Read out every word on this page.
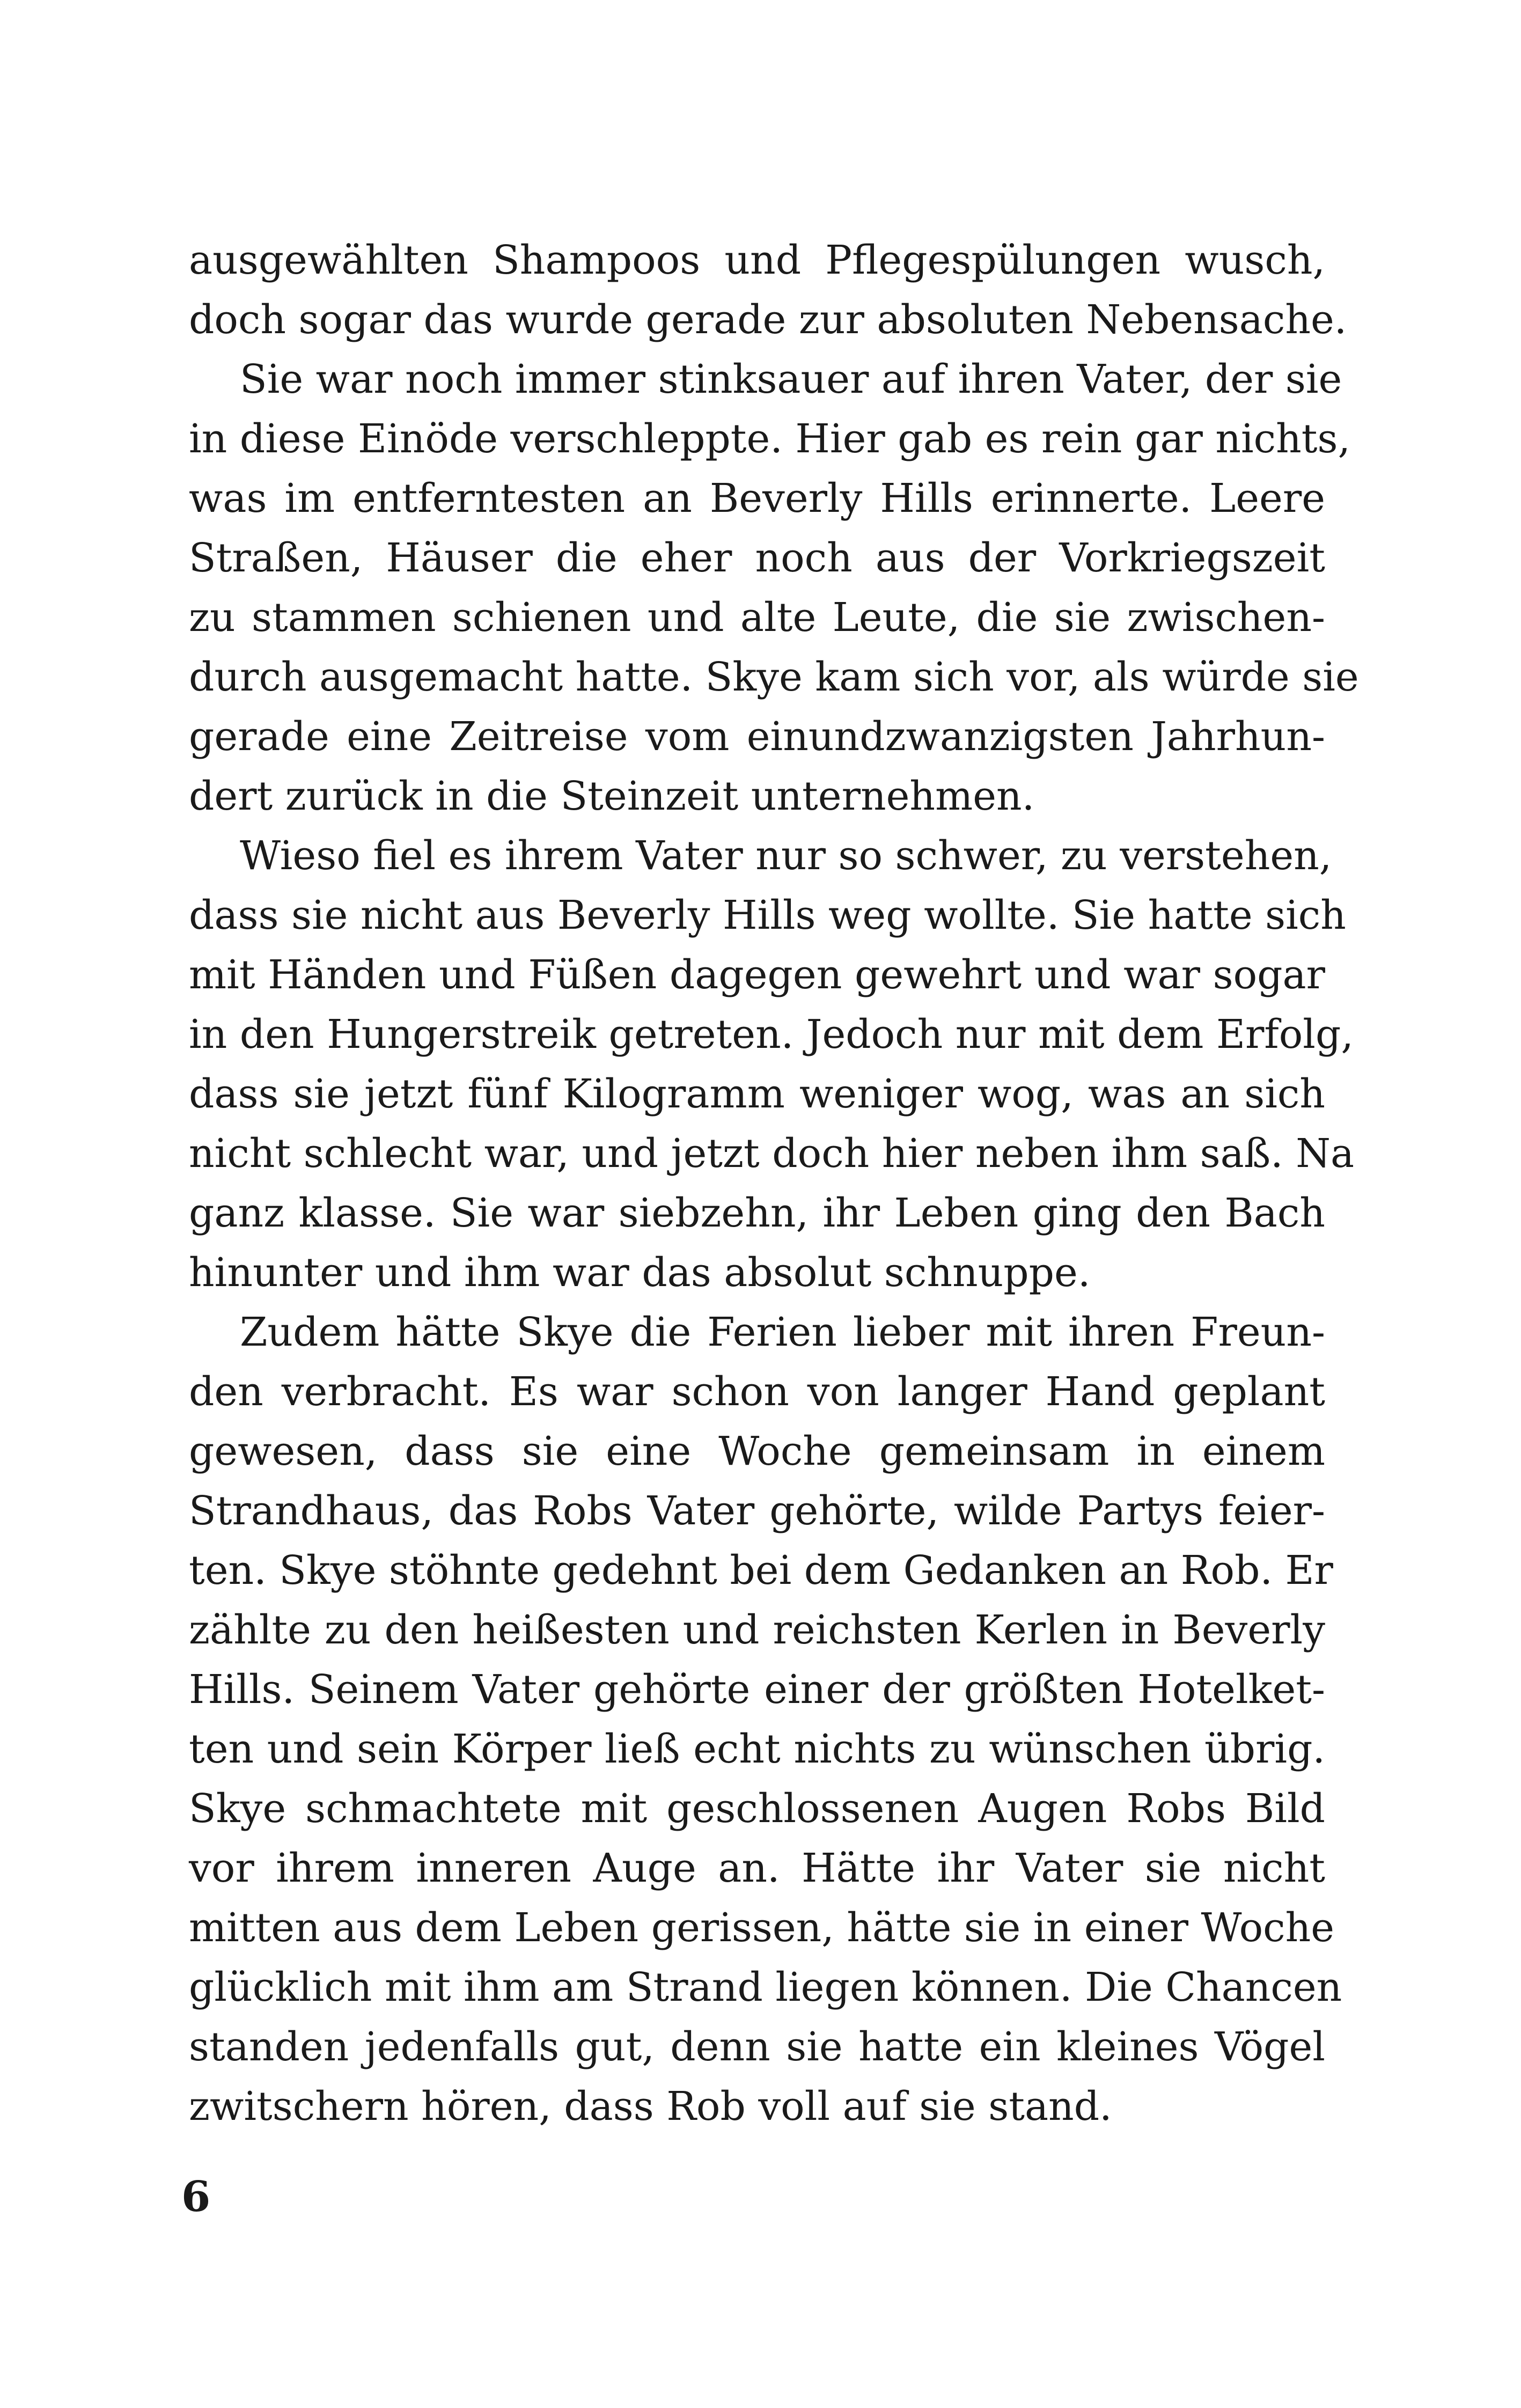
ausgewählten Shampoos und Pflegespülungen wusch,
doch sogar das wurde gerade zur absoluten Nebensache.
Sie war noch immer stinksauer auf ihren Vater, der sie
in diese Einöde verschleppte. Hier gab es rein gar nichts,
was im entferntesten an Beverly Hills erinnerte. Leere
Straßen, Häuser die eher noch aus der Vorkriegszeit
zu stammen schienen und alte Leute, die sie zwischen-
durch ausgemacht hatte. Skye kam sich vor, als würde sie
gerade eine Zeitreise vom einundzwanzigsten Jahrhun-
dert zurück in die Steinzeit unternehmen.
Wieso fiel es ihrem Vater nur so schwer, zu verstehen,
dass sie nicht aus Beverly Hills weg wollte. Sie hatte sich
mit Händen und Füßen dagegen gewehrt und war sogar
in den Hungerstreik getreten. Jedoch nur mit dem Erfolg,
dass sie jetzt fünf Kilogramm weniger wog, was an sich
nicht schlecht war, und jetzt doch hier neben ihm saß. Na
ganz klasse. Sie war siebzehn, ihr Leben ging den Bach
hinunter und ihm war das absolut schnuppe.
Zudem hätte Skye die Ferien lieber mit ihren Freun-
den verbracht. Es war schon von langer Hand geplant
gewesen, dass sie eine Woche gemeinsam in einem
Strandhaus, das Robs Vater gehörte, wilde Partys feier-
ten. Skye stöhnte gedehnt bei dem Gedanken an Rob. Er
zählte zu den heißesten und reichsten Kerlen in Beverly
Hills. Seinem Vater gehörte einer der größten Hotelket-
ten und sein Körper ließ echt nichts zu wünschen übrig.
Skye schmachtete mit geschlossenen Augen Robs Bild
vor ihrem inneren Auge an. Hätte ihr Vater sie nicht
mitten aus dem Leben gerissen, hätte sie in einer Woche
glücklich mit ihm am Strand liegen können. Die Chancen
standen jedenfalls gut, denn sie hatte ein kleines Vögel
zwitschern hören, dass Rob voll auf sie stand.
6
